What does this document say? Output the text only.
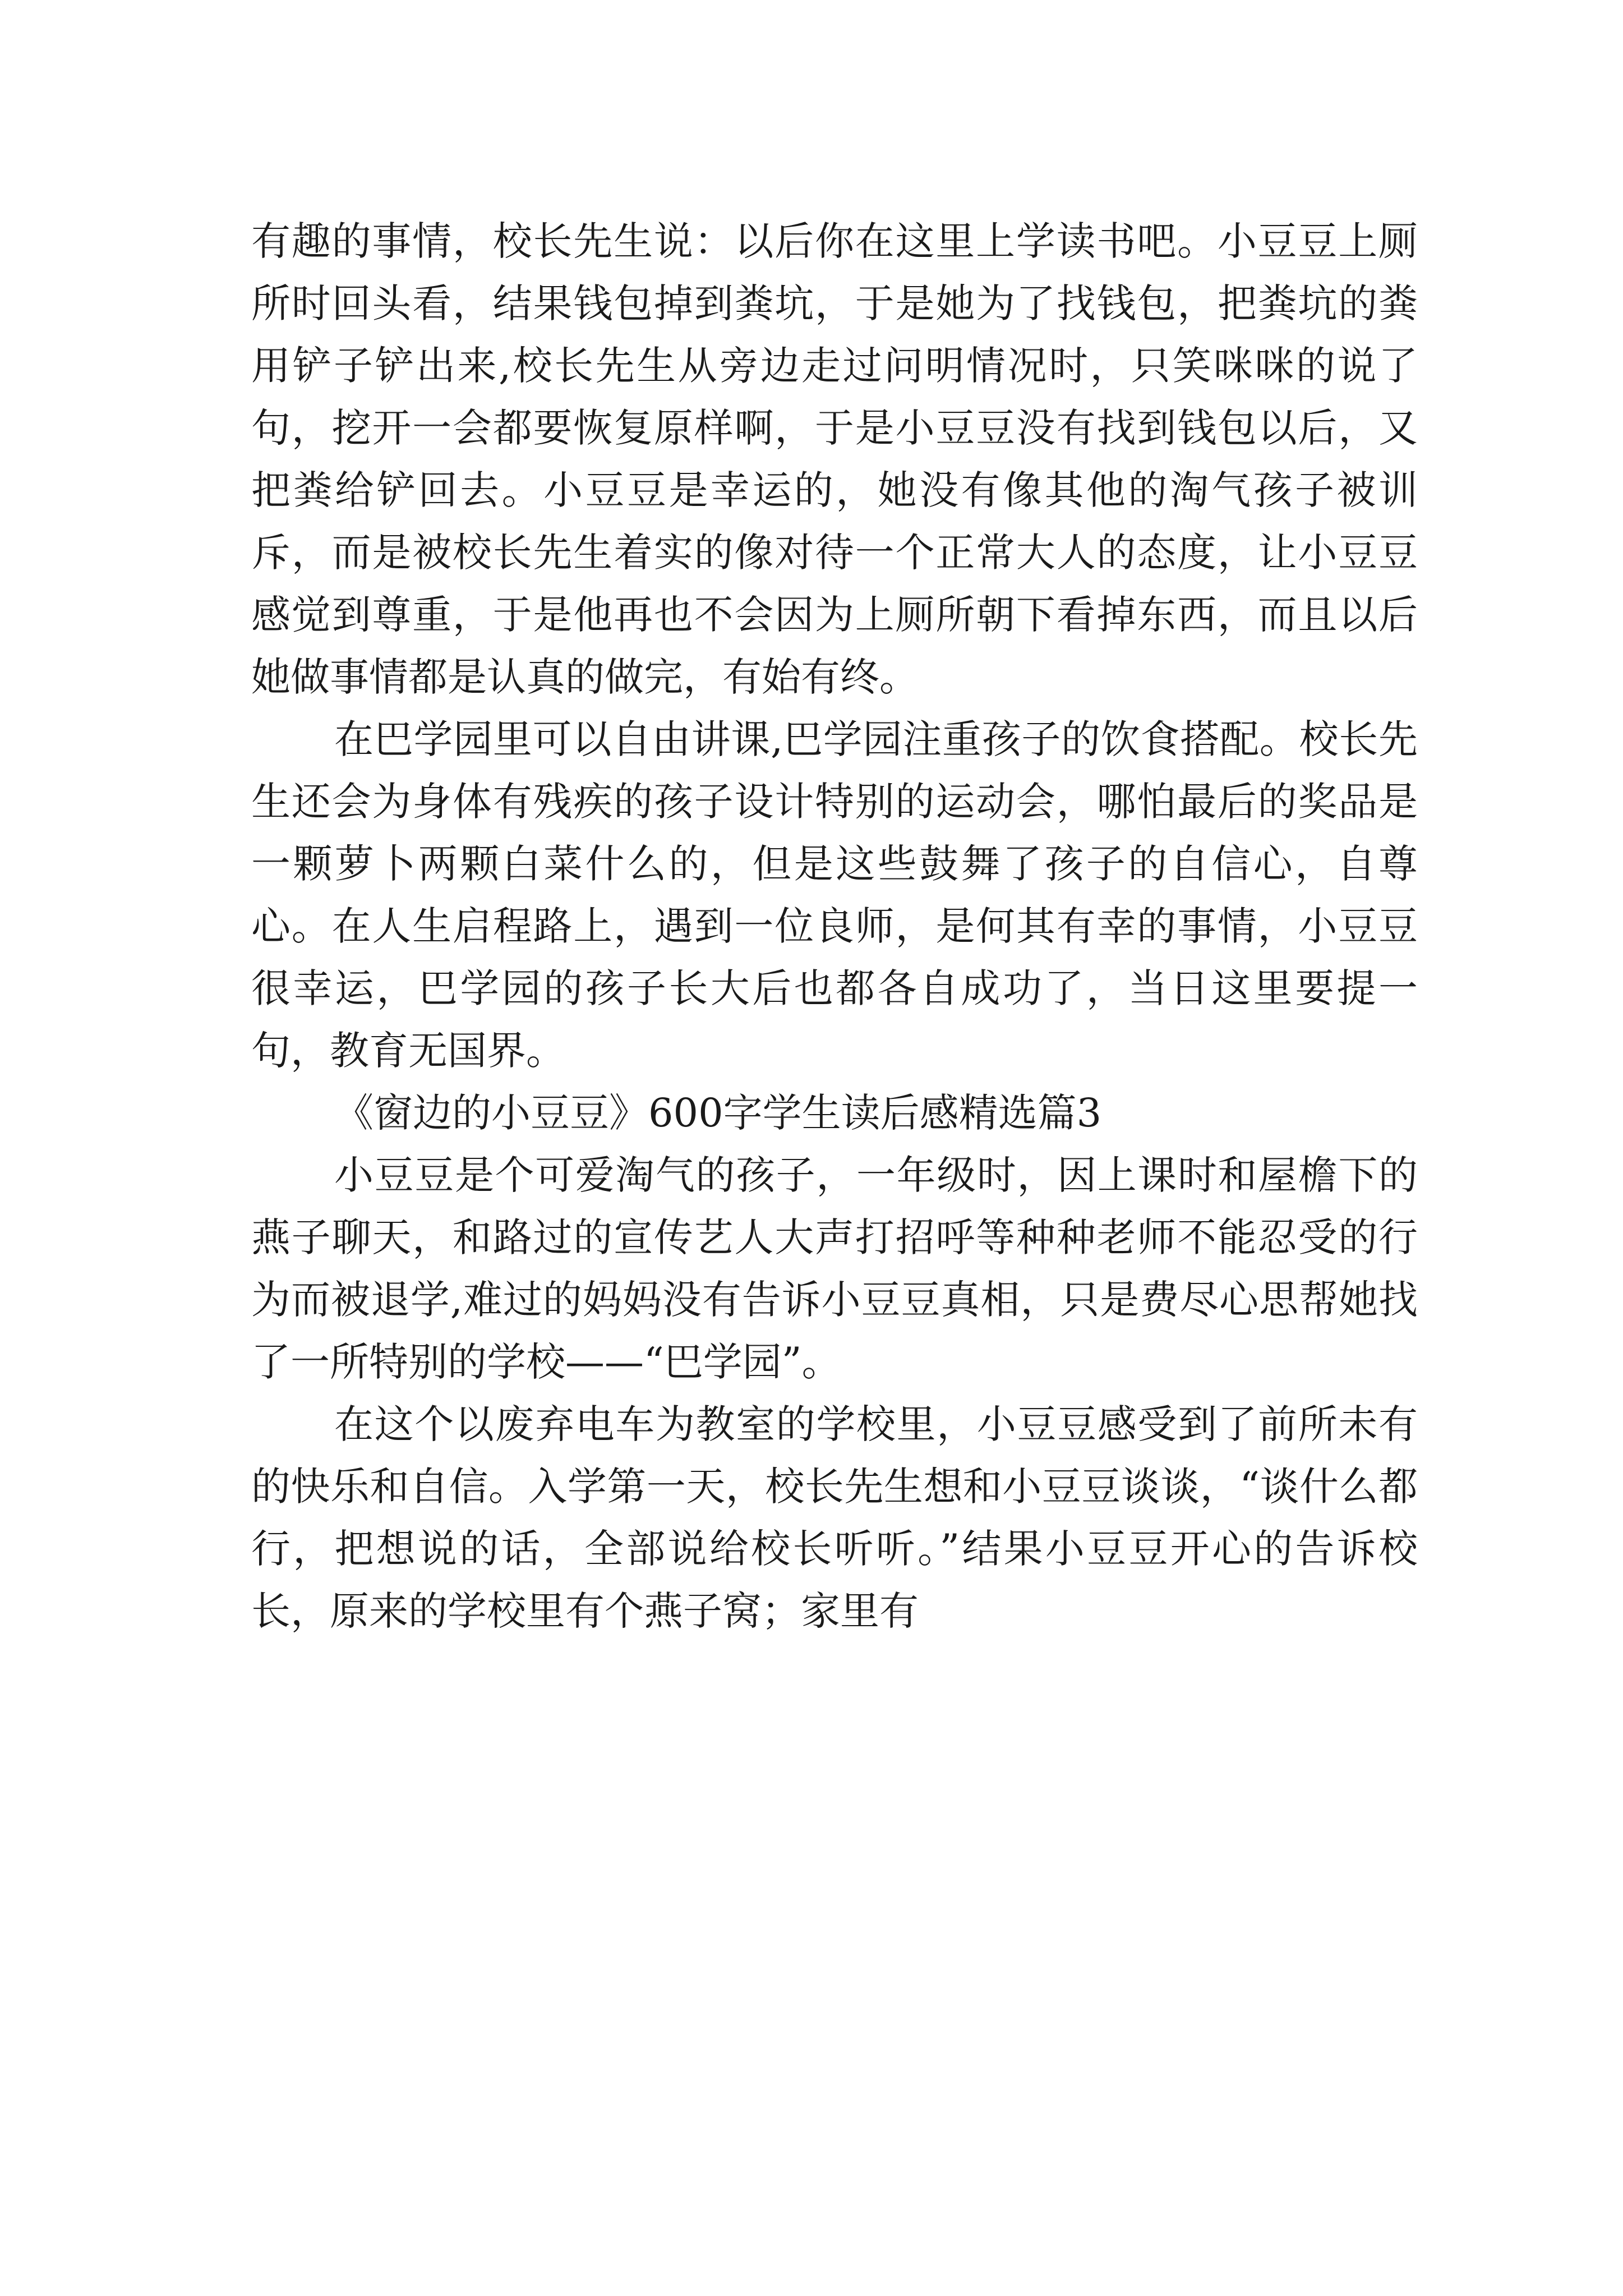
有趣的事情，校长先生说：以后你在这里上学读书吧。小豆豆上厕所时回头看，结果钱包掉到粪坑，于是她为了找钱包，把粪坑的粪用铲子铲出来,校长先生从旁边走过问明情况时，只笑咪咪的说了句，挖开一会都要恢复原样啊，于是小豆豆没有找到钱包以后，又把粪给铲回去。小豆豆是幸运的，她没有像其他的淘气孩子被训斥，而是被校长先生着实的像对待一个正常大人的态度，让小豆豆感觉到尊重，于是他再也不会因为上厕所朝下看掉东西，而且以后她做事情都是认真的做完，有始有终。

在巴学园里可以自由讲课,巴学园注重孩子的饮食搭配。校长先生还会为身体有残疾的孩子设计特别的运动会，哪怕最后的奖品是一颗萝卜两颗白菜什么的，但是这些鼓舞了孩子的自信心，自尊心。在人生启程路上，遇到一位良师，是何其有幸的事情，小豆豆很幸运，巴学园的孩子长大后也都各自成功了，当日这里要提一句，教育无国界。

《窗边的小豆豆》600字学生读后感精选篇3

小豆豆是个可爱淘气的孩子，一年级时，因上课时和屋檐下的燕子聊天，和路过的宣传艺人大声打招呼等种种老师不能忍受的行为而被退学,难过的妈妈没有告诉小豆豆真相，只是费尽心思帮她找了一所特别的学校——“巴学园”。

在这个以废弃电车为教室的学校里，小豆豆感受到了前所未有的快乐和自信。入学第一天，校长先生想和小豆豆谈谈，“谈什么都行，把想说的话，全部说给校长听听。”结果小豆豆开心的告诉校长，原来的学校里有个燕子窝；家里有
